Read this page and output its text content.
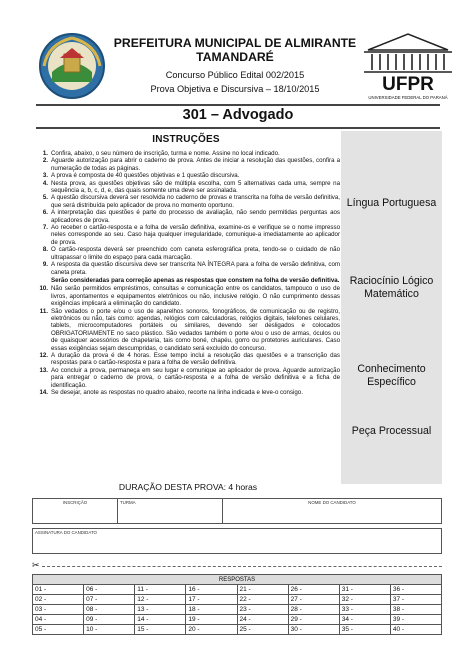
PREFEITURA MUNICIPAL DE ALMIRANTE
TAMANDARÉ
Concurso Público Edital 002/2015
Prova Objetiva e Discursiva – 18/10/2015	UFPR
UNIVERSIDADE FEDERAL DO PARANÁ
301 – Advogado
Língua Portuguesa
Raciocínio Lógico Matemático
Conhecimento Específico
Peça Processual
INSTRUÇÕES
1. Confira, abaixo, o seu número de inscrição, turma e nome. Assine no local indicado.
2. Aguarde autorização para abrir o caderno de prova. Antes de iniciar a resolução das questões, confira a numeração de todas as páginas.
3. A prova é composta de 40 questões objetivas e 1 questão discursiva.
4. Nesta prova, as questões objetivas são de múltipla escolha, com 5 alternativas cada uma, sempre na sequência a, b, c, d, e, das quais somente uma deve ser assinalada.
5. A questão discursiva deverá ser resolvida no caderno de provas e transcrita na folha de versão definitiva, que será distribuída pelo aplicador de prova no momento oportuno.
6. A interpretação das questões é parte do processo de avaliação, não sendo permitidas perguntas aos aplicadores de prova.
7. Ao receber o cartão-resposta e a folha de versão definitiva, examine-os e verifique se o nome impresso neles corresponde ao seu. Caso haja qualquer irregularidade, comunique-a imediatamente ao aplicador de prova.
8. O cartão-resposta deverá ser preenchido com caneta esferográfica preta, tendo-se o cuidado de não ultrapassar o limite do espaço para cada marcação.
9. A resposta da questão discursiva deve ser transcrita NA ÍNTEGRA para a folha de versão definitiva, com caneta preta.
Serão consideradas para correção apenas as respostas que constem na folha de versão definitiva.
10. Não serão permitidos empréstimos, consultas e comunicação entre os candidatos, tampouco o uso de livros, apontamentos e equipamentos eletrônicos ou não, inclusive relógio. O não cumprimento dessas exigências implicará a eliminação do candidato.
11. São vedados o porte e/ou o uso de aparelhos sonoros, fonográficos, de comunicação ou de registro, eletrônicos ou não, tais como: agendas, relógios com calculadoras, relógios digitais, telefones celulares, tablets, microcomputadores portáteis ou similares, devendo ser desligados e colocados OBRIGATORIAMENTE no saco plástico. São vedados também o porte e/ou o uso de armas, óculos ou de quaisquer acessórios de chapelaria, tais como boné, chapéu, gorro ou protetores auriculares. Caso essas exigências sejam descumpridas, o candidato será excluído do concurso.
12. A duração da prova é de 4 horas. Esse tempo inclui a resolução das questões e a transcrição das respostas para o cartão-resposta e para a folha de versão definitiva.
13. Ao concluir a prova, permaneça em seu lugar e comunique ao aplicador de prova. Aguarde autorização para entregar o caderno de prova, o cartão-resposta e a folha de versão definitiva e a ficha de identificação.
14. Se desejar, anote as respostas no quadro abaixo, recorte na linha indicada e leve-o consigo.
DURAÇÃO DESTA PROVA: 4 horas
INSCRIÇÃO	TURMA	NOME DO CANDIDATO
ASSINATURA DO CANDIDATO
✂
RESPOSTAS							
01 -	06 -	11 -	16 -	21 -	26 -	31 -	36 -
02 -	07 -	12 -	17 -	22 -	27 -	32 -	37 -
03 -	08 -	13 -	18 -	23 -	28 -	33 -	38 -
04 -	09 -	14 -	19 -	24 -	29 -	34 -	39 -
05 -	10 -	15 -	20 -	25 -	30 -	35 -	40 -
